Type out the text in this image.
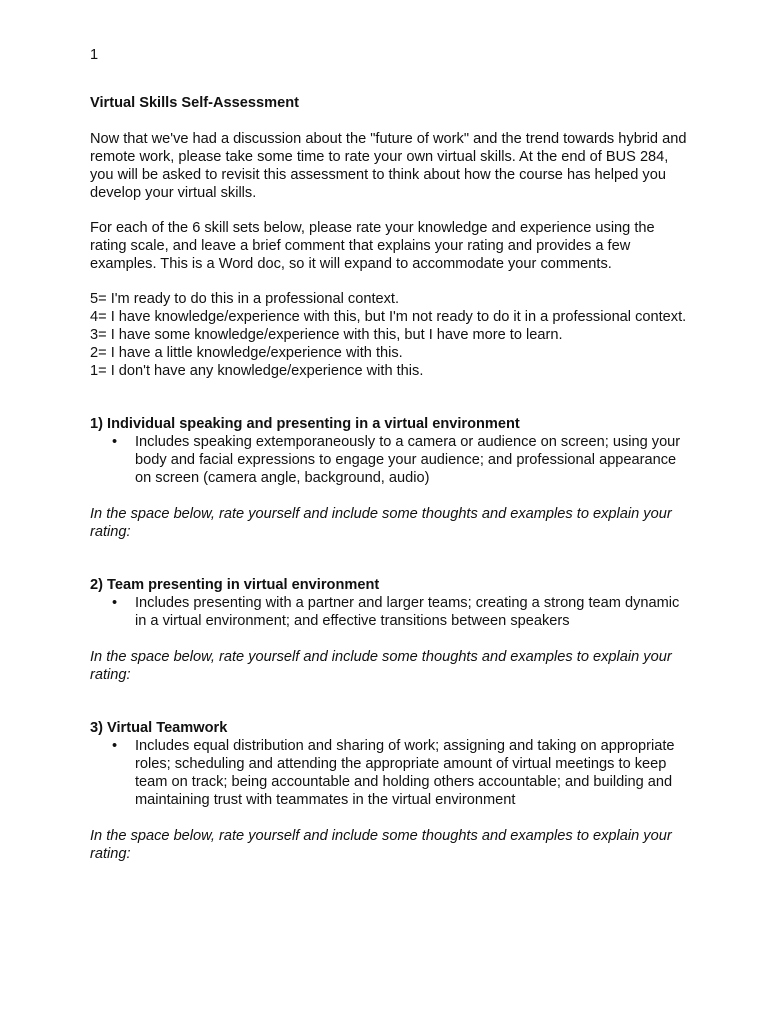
1
Virtual Skills Self-Assessment
Now that we've had a discussion about the "future of work" and the trend towards hybrid and remote work, please take some time to rate your own virtual skills. At the end of BUS 284, you will be asked to revisit this assessment to think about how the course has helped you develop your virtual skills.
For each of the 6 skill sets below, please rate your knowledge and experience using the rating scale, and leave a brief comment that explains your rating and provides a few examples. This is a Word doc, so it will expand to accommodate your comments.
5= I'm ready to do this in a professional context.
4= I have knowledge/experience with this, but I'm not ready to do it in a professional context.
3= I have some knowledge/experience with this, but I have more to learn.
2= I have a little knowledge/experience with this.
1= I don't have any knowledge/experience with this.
1) Individual speaking and presenting in a virtual environment
• Includes speaking extemporaneously to a camera or audience on screen; using your body and facial expressions to engage your audience; and professional appearance on screen (camera angle, background, audio)
In the space below, rate yourself and include some thoughts and examples to explain your rating:
2) Team presenting in virtual environment
• Includes presenting with a partner and larger teams; creating a strong team dynamic in a virtual environment; and effective transitions between speakers
In the space below, rate yourself and include some thoughts and examples to explain your rating:
3) Virtual Teamwork
• Includes equal distribution and sharing of work; assigning and taking on appropriate roles; scheduling and attending the appropriate amount of virtual meetings to keep team on track; being accountable and holding others accountable; and building and maintaining trust with teammates in the virtual environment
In the space below, rate yourself and include some thoughts and examples to explain your rating:
